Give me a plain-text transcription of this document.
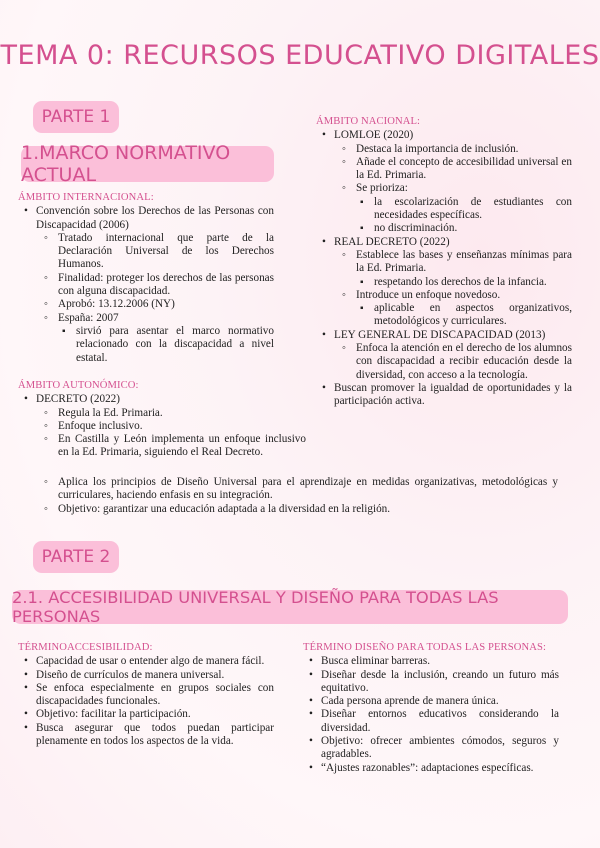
TEMA 0: RECURSOS EDUCATIVO DIGITALES
PARTE 1
1.MARCO NORMATIVO ACTUAL
ÁMBITO INTERNACIONAL:
• Convención sobre los Derechos de las Personas con Discapacidad (2006)
◦ Tratado internacional que parte de la Declaración Universal de los Derechos Humanos.
◦ Finalidad: proteger los derechos de las personas con alguna discapacidad.
◦ Aprobó: 13.12.2006 (NY)
◦ España: 2007
▪ sirvió para asentar el marco normativo relacionado con la discapacidad a nivel estatal.
ÁMBITO AUTONÓMICO:
• DECRETO (2022)
◦ Regula la Ed. Primaria.
◦ Enfoque inclusivo.
◦ En Castilla y León implementa un enfoque inclusivo en la Ed. Primaria, siguiendo el Real Decreto.
◦ Aplica los principios de Diseño Universal para el aprendizaje en medidas organizativas, metodológicas y curriculares, haciendo enfasis en su integración.
◦ Objetivo: garantizar una educación adaptada a la diversidad en la religión.
ÁMBITO NACIONAL:
• LOMLOE (2020)
◦ Destaca la importancia de inclusión.
◦ Añade el concepto de accesibilidad universal en la Ed. Primaria.
◦ Se prioriza:
▪ la escolarización de estudiantes con necesidades específicas.
▪ no discriminación.
• REAL DECRETO (2022)
◦ Establece las bases y enseñanzas mínimas para la Ed. Primaria.
▪ respetando los derechos de la infancia.
◦ Introduce un enfoque novedoso.
▪ aplicable en aspectos organizativos, metodológicos y curriculares.
• LEY GENERAL DE DISCAPACIDAD (2013)
◦ Enfoca la atención en el derecho de los alumnos con discapacidad a recibir educación desde la diversidad, con acceso a la tecnología.
• Buscan promover la igualdad de oportunidades y la participación activa.
PARTE 2
2.1. ACCESIBILIDAD UNIVERSAL Y DISEÑO PARA TODAS LAS PERSONAS
TÉRMINOACCESIBILIDAD:
• Capacidad de usar o entender algo de manera fácil.
• Diseño de currículos de manera universal.
• Se enfoca especialmente en grupos sociales con discapacidades funcionales.
• Objetivo: facilitar la participación.
• Busca asegurar que todos puedan participar plenamente en todos los aspectos de la vida.
TÉRMINO DISEÑO PARA TODAS LAS PERSONAS:
• Busca eliminar barreras.
• Diseñar desde la inclusión, creando un futuro más equitativo.
• Cada persona aprende de manera única.
• Diseñar entornos educativos considerando la diversidad.
• Objetivo: ofrecer ambientes cómodos, seguros y agradables.
• “Ajustes razonables”: adaptaciones específicas.
